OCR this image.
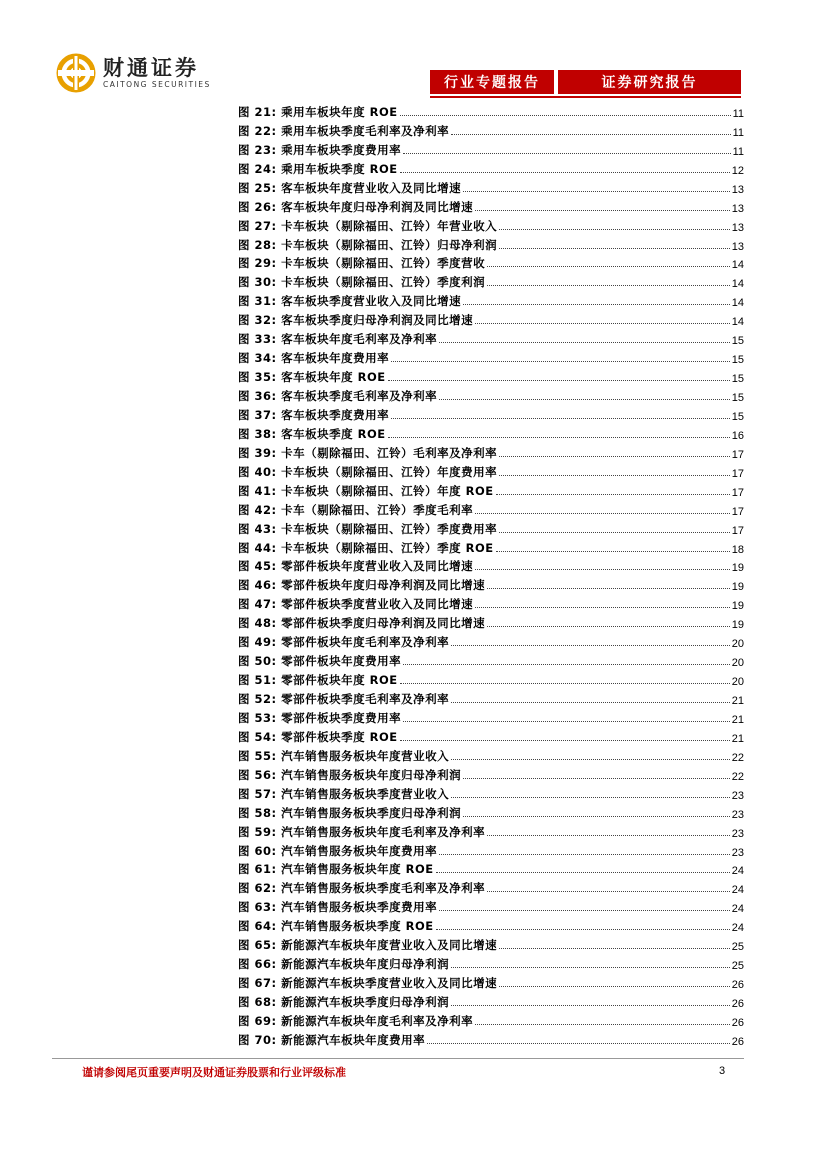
财通证券
CAITONG SECURITIES	行业专题报告	证券研究报告
图 21: 乘用车板块年度 ROE	11
图 22: 乘用车板块季度毛利率及净利率	11
图 23: 乘用车板块季度费用率	11
图 24: 乘用车板块季度 ROE	12
图 25: 客车板块年度营业收入及同比增速	13
图 26: 客车板块年度归母净利润及同比增速	13
图 27: 卡车板块（剔除福田、江铃）年营业收入	13
图 28: 卡车板块（剔除福田、江铃）归母净利润	13
图 29: 卡车板块（剔除福田、江铃）季度营收	14
图 30: 卡车板块（剔除福田、江铃）季度利润	14
图 31: 客车板块季度营业收入及同比增速	14
图 32: 客车板块季度归母净利润及同比增速	14
图 33: 客车板块年度毛利率及净利率	15
图 34: 客车板块年度费用率	15
图 35: 客车板块年度 ROE	15
图 36: 客车板块季度毛利率及净利率	15
图 37: 客车板块季度费用率	15
图 38: 客车板块季度 ROE	16
图 39: 卡车（剔除福田、江铃）毛利率及净利率	17
图 40: 卡车板块（剔除福田、江铃）年度费用率	17
图 41: 卡车板块（剔除福田、江铃）年度 ROE	17
图 42: 卡车（剔除福田、江铃）季度毛利率	17
图 43: 卡车板块（剔除福田、江铃）季度费用率	17
图 44: 卡车板块（剔除福田、江铃）季度 ROE	18
图 45: 零部件板块年度营业收入及同比增速	19
图 46: 零部件板块年度归母净利润及同比增速	19
图 47: 零部件板块季度营业收入及同比增速	19
图 48: 零部件板块季度归母净利润及同比增速	19
图 49: 零部件板块年度毛利率及净利率	20
图 50: 零部件板块年度费用率	20
图 51: 零部件板块年度 ROE	20
图 52: 零部件板块季度毛利率及净利率	21
图 53: 零部件板块季度费用率	21
图 54: 零部件板块季度 ROE	21
图 55: 汽车销售服务板块年度营业收入	22
图 56: 汽车销售服务板块年度归母净利润	22
图 57: 汽车销售服务板块季度营业收入	23
图 58: 汽车销售服务板块季度归母净利润	23
图 59: 汽车销售服务板块年度毛利率及净利率	23
图 60: 汽车销售服务板块年度费用率	23
图 61: 汽车销售服务板块年度 ROE	24
图 62: 汽车销售服务板块季度毛利率及净利率	24
图 63: 汽车销售服务板块季度费用率	24
图 64: 汽车销售服务板块季度 ROE	24
图 65: 新能源汽车板块年度营业收入及同比增速	25
图 66: 新能源汽车板块年度归母净利润	25
图 67: 新能源汽车板块季度营业收入及同比增速	26
图 68: 新能源汽车板块季度归母净利润	26
图 69: 新能源汽车板块年度毛利率及净利率	26
图 70: 新能源汽车板块年度费用率	26
谨请参阅尾页重要声明及财通证券股票和行业评级标准	3
